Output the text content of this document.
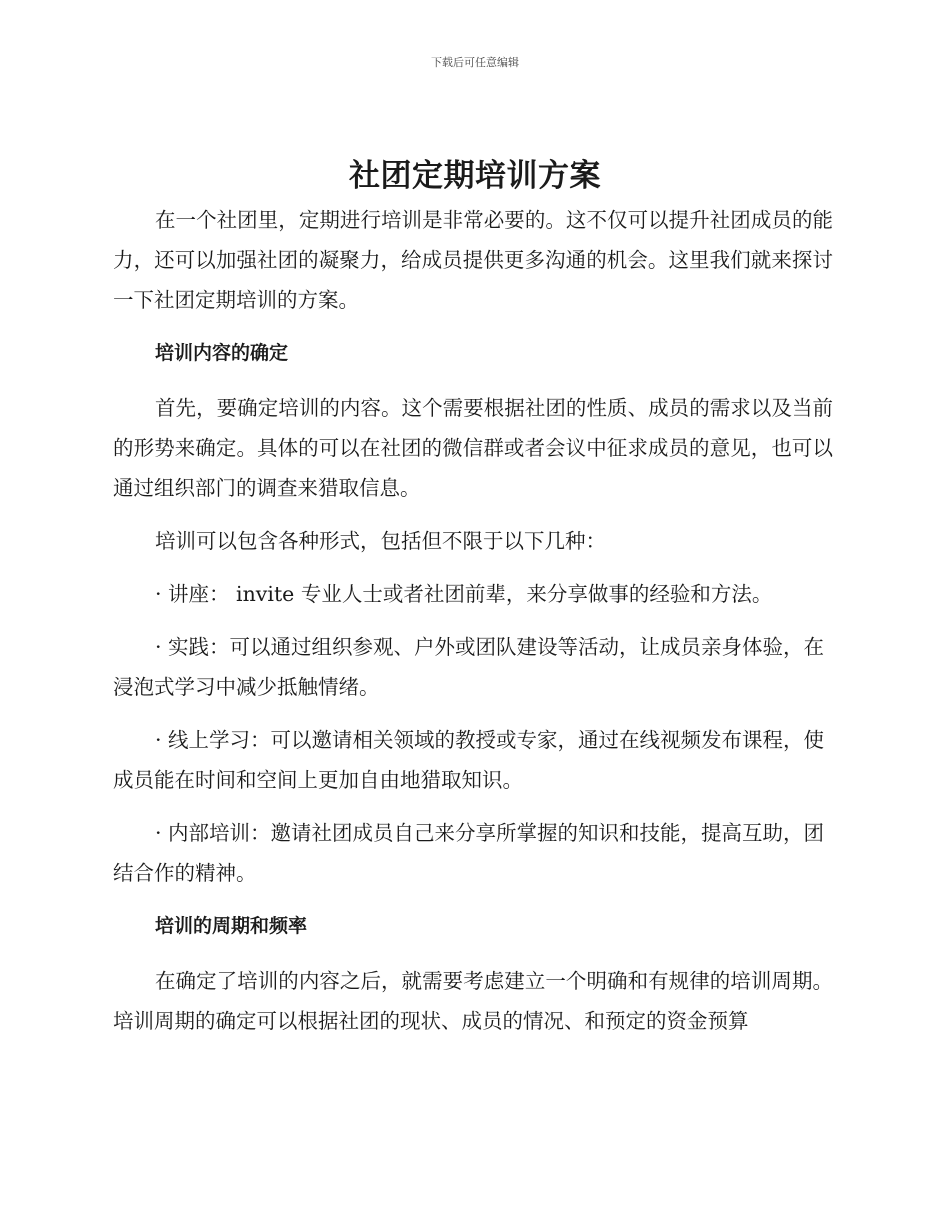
下载后可任意编辑
社团定期培训方案

在一个社团里，定期进行培训是非常必要的。这不仅可以提升社团成员的能力，还可以加强社团的凝聚力，给成员提供更多沟通的机会。这里我们就来探讨一下社团定期培训的方案。

培训内容的确定

首先，要确定培训的内容。这个需要根据社团的性质、成员的需求以及当前的形势来确定。具体的可以在社团的微信群或者会议中征求成员的意见，也可以通过组织部门的调查来猎取信息。

培训可以包含各种形式，包括但不限于以下几种：

· 讲座： invite 专业人士或者社团前辈，来分享做事的经验和方法。

· 实践：可以通过组织参观、户外或团队建设等活动，让成员亲身体验，在浸泡式学习中减少抵触情绪。

· 线上学习：可以邀请相关领域的教授或专家，通过在线视频发布课程，使成员能在时间和空间上更加自由地猎取知识。

· 内部培训：邀请社团成员自己来分享所掌握的知识和技能，提高互助，团结合作的精神。

培训的周期和频率

在确定了培训的内容之后，就需要考虑建立一个明确和有规律的培训周期。培训周期的确定可以根据社团的现状、成员的情况、和预定的资金预算
